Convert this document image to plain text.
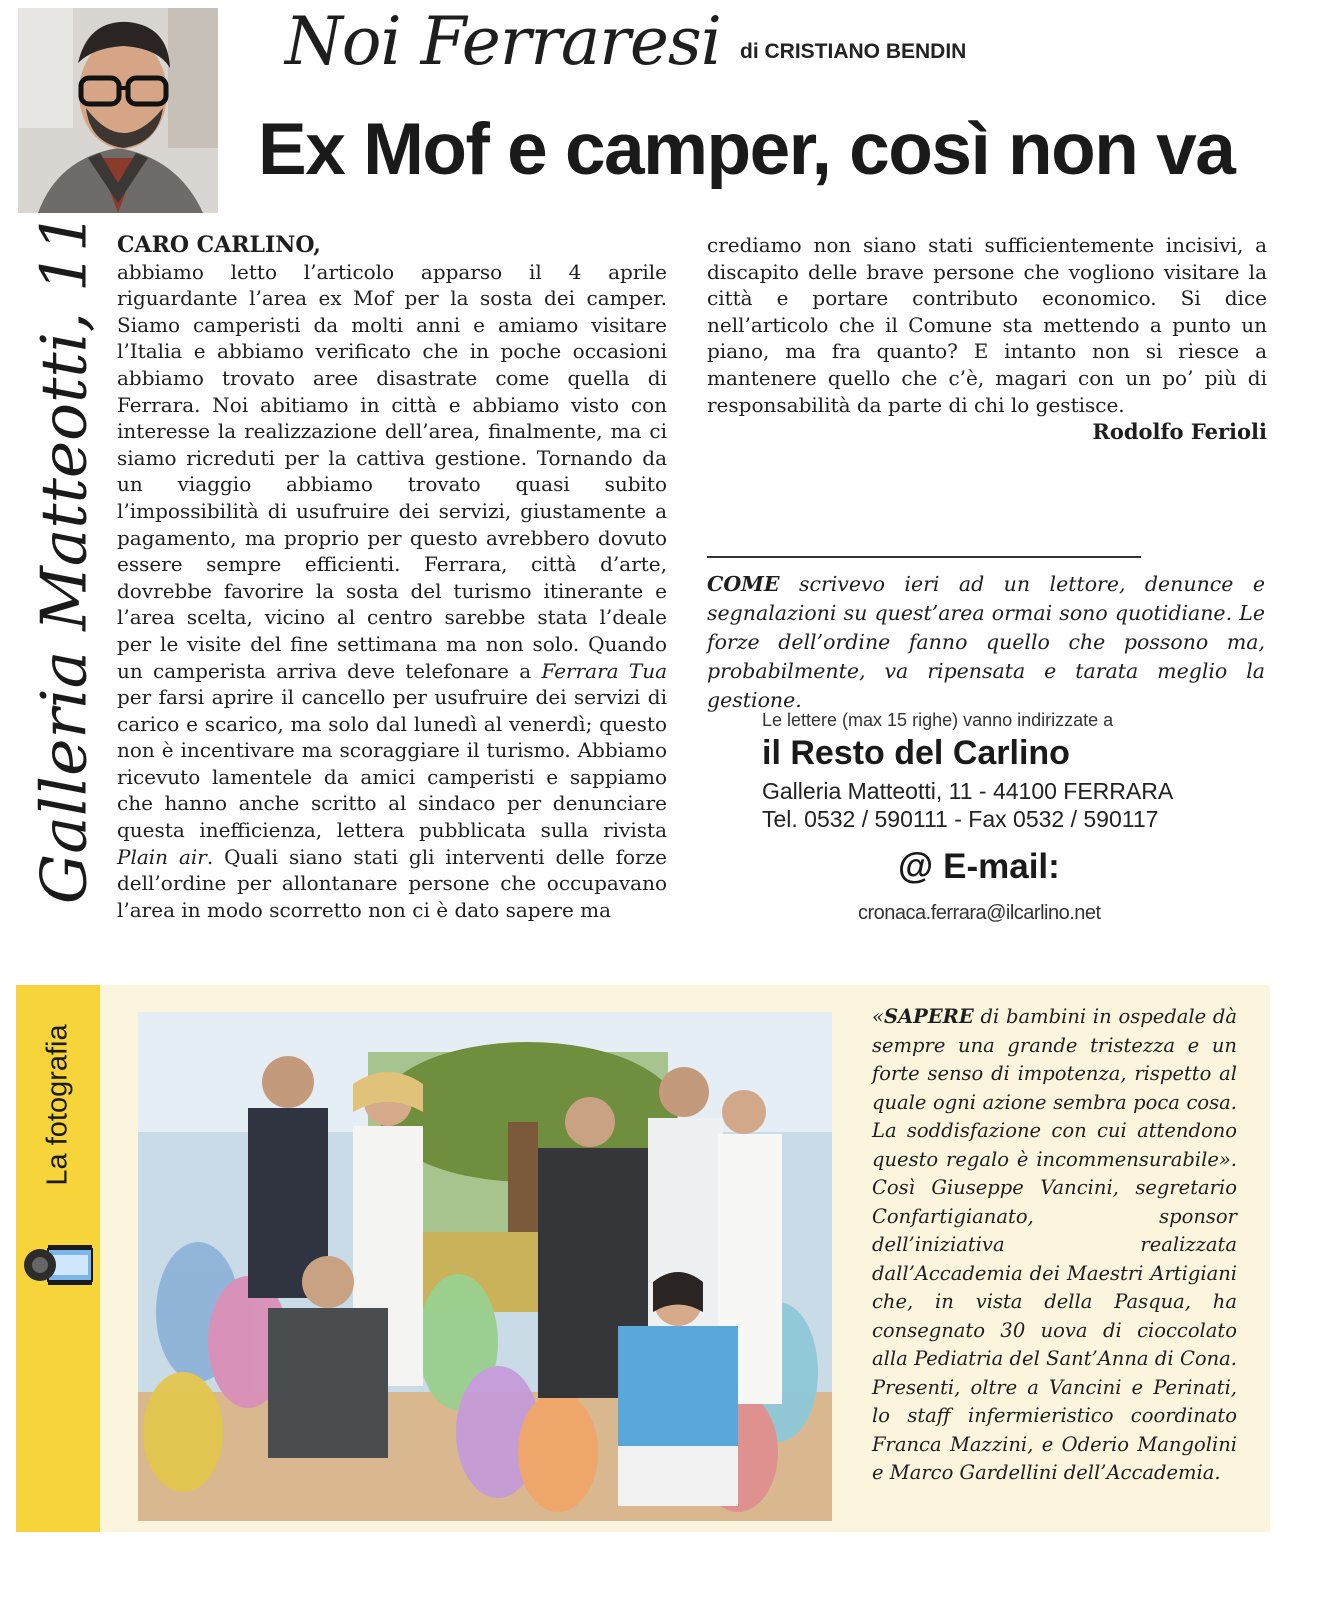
Noi Ferraresi di CRISTIANO BENDIN
Ex Mof e camper, così non va
Galleria Matteotti, 11 CARO CARLINO,
abbiamo letto l’articolo apparso il 4 aprile riguardante l’area ex Mof per la sosta dei camper. Siamo camperisti da molti anni e amiamo visitare l’Italia e abbiamo verificato che in poche occasioni abbiamo trovato aree disastrate come quella di Ferrara. Noi abitiamo in città e abbiamo visto con interesse la realizzazione dell’area, finalmente, ma ci siamo ricreduti per la cattiva gestione. Tornando da un viaggio abbiamo trovato quasi subito l’impossibilità di usufruire dei servizi, giustamente a pagamento, ma proprio per questo avrebbero dovuto essere sempre efficienti. Ferrara, città d’arte, dovrebbe favorire la sosta del turismo itinerante e l’area scelta, vicino al centro sarebbe stata l’deale per le visite del fine settimana ma non solo. Quando un camperista arriva deve telefonare a Ferrara Tua per farsi aprire il cancello per usufruire dei servizi di carico e scarico, ma solo dal lunedì al venerdì; questo non è incentivare ma scoraggiare il turismo. Abbiamo ricevuto lamentele da amici camperisti e sappiamo che hanno anche scritto al sindaco per denunciare questa inefficienza, lettera pubblicata sulla rivista Plain air. Quali siano stati gli interventi delle forze dell’ordine per allontanare persone che occupavano l’area in modo scorretto non ci è dato sapere ma
COME scrivevo ieri ad un lettore, denunce e segnalazioni su quest’area ormai sono quotidiane. Le forze dell’ordine fanno quello che possono ma, probabilmente, va ripensata e tarata meglio la gestione.
Le lettere (max 15 righe) vanno indirizzate a
il Resto del Carlino
Galleria Matteotti, 11 - 44100 FERRARA
Tel. 0532 / 590111 - Fax 0532 / 590117
@ E-mail:
cronaca.ferrara@ilcarlino.net
La fotografia
«SAPERE di bambini in ospedale dà sempre una grande tristezza e un forte senso di impotenza, rispetto al quale ogni azione sembra poca cosa. La soddisfazione con cui attendono questo regalo è incommensurabile». Così Giuseppe Vancini, segretario Confartigianato, sponsor dell’iniziativa realizzata dall’Accademia dei Maestri Artigiani che, in vista della Pasqua, ha consegnato 30 uova di cioccolato alla Pediatria del Sant’Anna di Cona. Presenti, oltre a Vancini e Perinati, lo staff infermieristico coordinato Franca Mazzini, e Oderio Mangolini e Marco Gardellini dell’Accademia.
crediamo non siano stati sufficientemente incisivi, a discapito delle brave persone che vogliono visitare la città e portare contributo economico. Si dice nell’articolo che il Comune sta mettendo a punto un piano, ma fra quanto? E intanto non si riesce a mantenere quello che c’è, magari con un po’ più di responsabilità da parte di chi lo gestisce.
Rodolfo Ferioli
